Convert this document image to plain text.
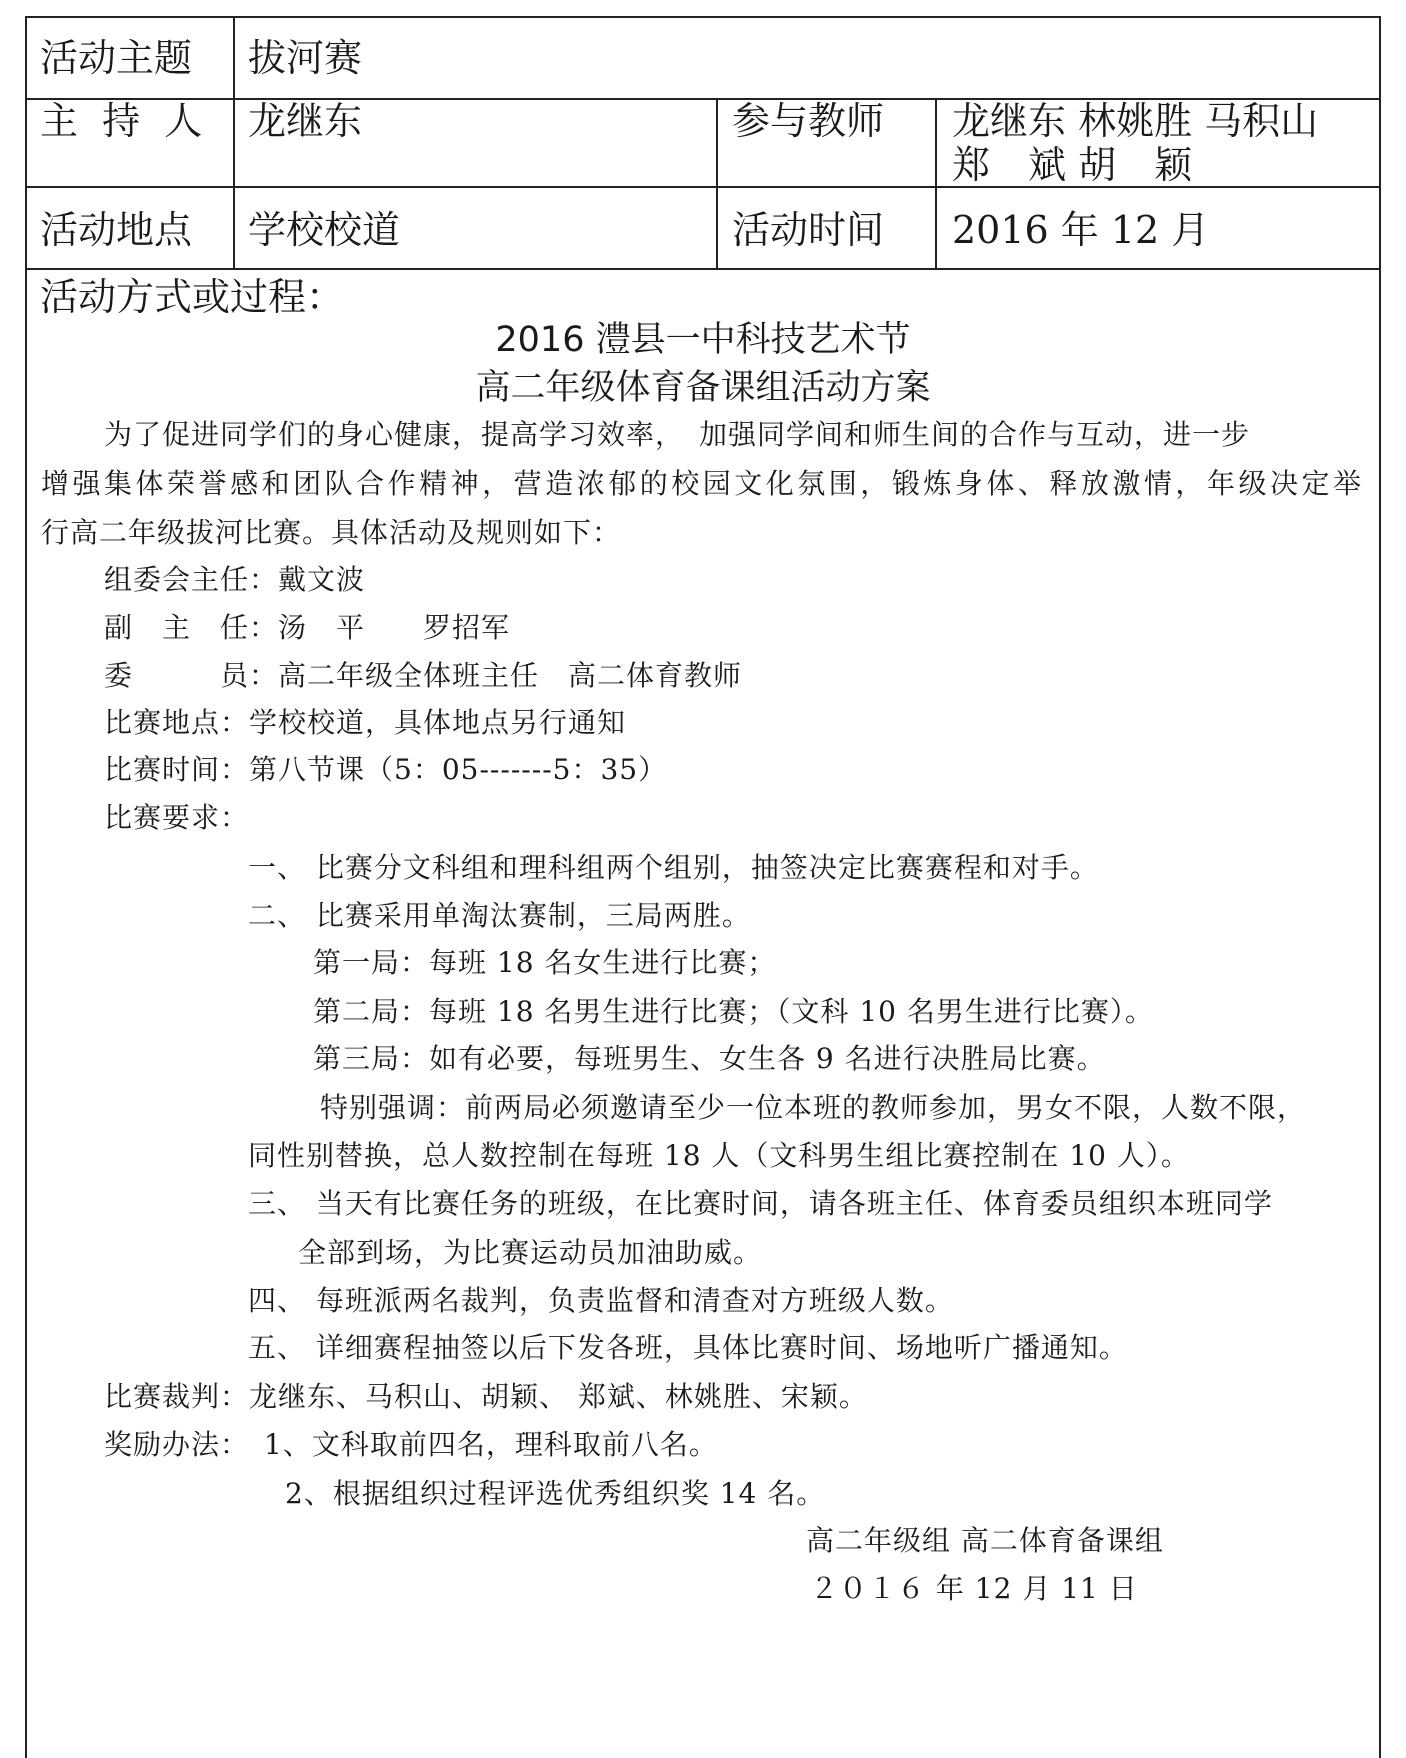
活动主题 拔河赛
主 持 人 龙继东	参与教师 龙继东 林姚胜 马积山
郑　斌 胡　颖
活动地点 学校校道	活动时间 2016 年 12 月
活动方式或过程：
2016 澧县一中科技艺术节
高二年级体育备课组活动方案
为了促进同学们的身心健康，提高学习效率，　加强同学间和师生间的合作与互动，进一步
增强集体荣誉感和团队合作精神，营造浓郁的校园文化氛围，锻炼身体、释放激情，年级决定举
行高二年级拔河比赛。具体活动及规则如下：
组委会主任：戴文波
副　主　任：汤　平　　罗招军
委　　　员：高二年级全体班主任　高二体育教师
比赛地点：学校校道，具体地点另行通知
比赛时间：第八节课（5：05-------5：35）
比赛要求：
一、 比赛分文科组和理科组两个组别，抽签决定比赛赛程和对手。
二、 比赛采用单淘汰赛制，三局两胜。
第一局：每班 18 名女生进行比赛；
第二局：每班 18 名男生进行比赛；（文科 10 名男生进行比赛）。
第三局：如有必要，每班男生、女生各 9 名进行决胜局比赛。
特别强调：前两局必须邀请至少一位本班的教师参加，男女不限，人数不限，
同性别替换，总人数控制在每班 18 人（文科男生组比赛控制在 10 人）。
三、 当天有比赛任务的班级，在比赛时间，请各班主任、体育委员组织本班同学
全部到场，为比赛运动员加油助威。
四、 每班派两名裁判，负责监督和清查对方班级人数。
五、 详细赛程抽签以后下发各班，具体比赛时间、场地听广播通知。
比赛裁判：龙继东、马积山、胡颖、 郑斌、林姚胜、宋颖。
奖励办法：　1、文科取前四名，理科取前八名。
2、根据组织过程评选优秀组织奖 14 名。
高二年级组 高二体育备课组
２０１６ 年 12 月 11 日
